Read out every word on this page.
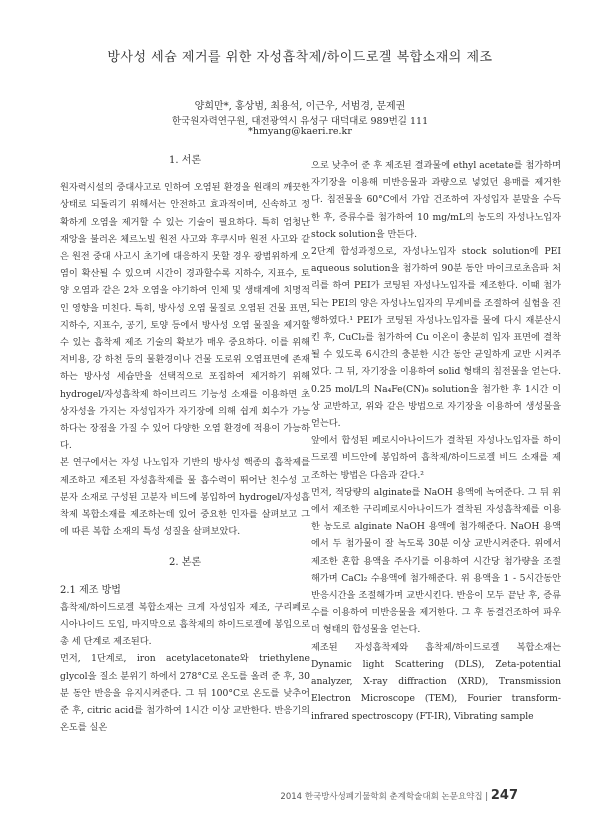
방사성 세슘 제거를 위한 자성흡착제/하이드로겔 복합소재의 제조
양희만*, 홍상범, 최용석, 이근우, 서범경, 문제권
한국원자력연구원, 대전광역시 유성구 대덕대로 989번길 111
*hmyang@kaeri.re.kr
1. 서론

원자력시설의 중대사고로 인하여 오염된 환경을 원래의 깨끗한 상태로 되돌리기 위해서는 안전하고 효과적이며, 신속하고 정확하게 오염을 제거할 수 있는 기술이 필요하다. 특히 엄청난 재앙을 불러온 체르노빌 원전 사고와 후쿠시마 원전 사고와 같은 원전 중대 사고시 초기에 대응하지 못할 경우 광범위하게 오염이 확산될 수 있으며 시간이 경과할수록 지하수, 지표수, 토양 오염과 같은 2차 오염을 야기하여 인체 및 생태계에 치명적인 영향을 미친다. 특히, 방사성 오염 물질로 오염된 건물 표면, 지하수, 지표수, 공기, 토양 등에서 방사성 오염 물질을 제거할 수 있는 흡착제 제조 기술의 확보가 매우 중요하다. 이를 위해 저비용, 강 하천 등의 물환경이나 건물 도로위 오염표면에 존재하는 방사성 세슘만을 선택적으로 포집하여 제거하기 위해 hydrogel/자성흡착제 하이브리드 기능성 소재를 이용하면 초상자성을 가지는 자성입자가 자기장에 의해 쉽게 회수가 가능하다는 장점을 가질 수 있어 다양한 오염 환경에 적용이 가능하다.

본 연구에서는 자성 나노입자 기반의 방사성 핵종의 흡착제를 제조하고 제조된 자성흡착제를 물 흡수력이 뛰어난 친수성 고분자 소재로 구성된 고분자 비드에 봉입하여 hydrogel/자성흡착제 복합소재를 제조하는데 있어 중요한 인자를 살펴보고 그 에 따른 복합 소재의 특성 성질을 살펴보았다.

2. 본론
2.1 제조 방법

흡착제/하이드로겔 복합소재는 크게 자성입자 제조, 구리페로시아나이드 도입, 마지막으로 흡착제의 하이드로겔에 봉입으로 총 세 단계로 제조된다.

먼저, 1단계로, iron acetylacetonate와 triethylene glycol을 질소 분위기 하에서 278°C로 온도를 올려 준 후, 30분 동안 반응을 유지시켜준다. 그 뒤 100°C로 온도를 낮추어 준 후, citric acid를 첨가하여 1시간 이상 교반한다. 반응기의 온도를 실온

으로 낮추어 준 후 제조된 결과물에 ethyl acetate를 첨가하며 자기장을 이용해 미반응물과 과량으로 넣었던 용매를 제거한다. 침전물을 60°C에서 가압 건조하여 자성입자 분말을 수득한 후, 증류수를 첨가하여 10 mg/mL의 농도의 자성나노입자 stock solution을 만든다.

2단계 합성과정으로, 자성나노입자 stock solution에 PEI aqueous solution을 첨가하여 90분 동안 마이크로초음파 처리를 하여 PEI가 코팅된 자성나노입자를 제조한다. 이때 첨가되는 PEI의 양은 자성나노입자의 무게비를 조절하여 실험을 진행하였다.¹ PEI가 코팅된 자성나노입자를 물에 다시 재분산시킨 후, CuCl₂를 첨가하여 Cu 이온이 충분히 입자 표면에 결착될 수 있도록 6시간의 충분한 시간 동안 균일하게 교반 시켜주었다. 그 뒤, 자기장을 이용하여 solid 형태의 침전물을 얻는다. 0.25 mol/L의 Na₄Fe(CN)₆ solution을 첨가한 후 1시간 이상 교반하고, 위와 같은 방법으로 자기장을 이용하여 생성물을 얻는다.

앞에서 합성된 페로시아나이드가 결착된 자성나노입자를 하이드로겔 비드안에 봉입하여 흡착제/하이드로겔 비드 소재를 제조하는 방법은 다음과 같다.²

먼저, 적당량의 alginate를 NaOH 용액에 녹여준다. 그 뒤 위에서 제조한 구리페로시아나이드가 결착된 자성흡착제를 이용한 농도로 alginate NaOH 용액에 첨가해준다. NaOH 용액에서 두 첨가물이 잘 녹도록 30분 이상 교반시켜준다. 위에서 제조한 혼합 용액을 주사기를 이용하여 시간당 첨가량을 조절해가며 CaCl₂ 수용액에 첨가해준다. 위 용액을 1 - 5시간동안 반응시간을 조절해가며 교반시킨다. 반응이 모두 끝난 후, 증류수를 이용하여 미반응물을 제거한다. 그 후 동결건조하여 파우더 형태의 합성물을 얻는다.

제조된 자성흡착제와 흡착제/하이드로겔 복합소재는 Dynamic light Scattering (DLS), Zeta-potential analyzer, X-ray diffraction (XRD), Transmission Electron Microscope (TEM), Fourier transform-infrared spectroscopy (FT-IR), Vibrating sample

2014 한국방사성폐기물학회 춘계학술대회 논문요약집 | 247
